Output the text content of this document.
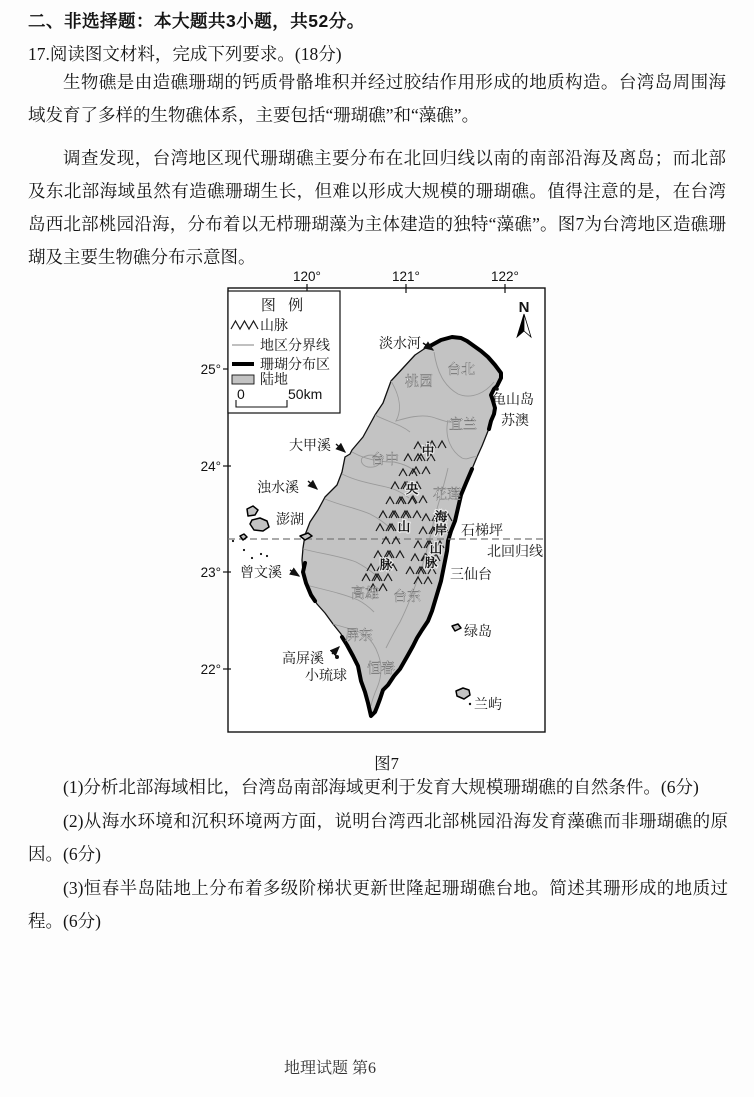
二、非选择题：本大题共3小题，共52分。
17.阅读图文材料，完成下列要求。(18分)

生物礁是由造礁珊瑚的钙质骨骼堆积并经过胶结作用形成的地质构造。台湾岛周围海域发育了多样的生物礁体系，主要包括“珊瑚礁”和“藻礁”。

调查发现，台湾地区现代珊瑚礁主要分布在北回归线以南的南部沿海及离岛；而北部及东北部海域虽然有造礁珊瑚生长，但难以形成大规模的珊瑚礁。值得注意的是，在台湾岛西北部桃园沿海，分布着以无栉珊瑚藻为主体建造的独特“藻礁”。图7为台湾地区造礁珊瑚及主要生物礁分布示意图。

120°	121°	122°
25°
24°
23°
22°
淡水河
龟山岛
苏澳
大甲溪
浊水溪
澎湖
石梯坪
北回归线
曾文溪	三仙台
绿岛
高屏溪
小琉球
兰屿
台北
桃园
宜兰
台中
花莲
高雄 台东
屏东
恒春
中
央
山
脉
海
岸
山
脉
N
图 例
山脉
地区分界线
珊瑚分布区
陆地
0	50km
图7

(1)分析北部海域相比，台湾岛南部海域更利于发育大规模珊瑚礁的自然条件。(6分)

(2)从海水环境和沉积环境两方面，说明台湾西北部桃园沿海发育藻礁而非珊瑚礁的原因。(6分)

(3)恒春半岛陆地上分布着多级阶梯状更新世隆起珊瑚礁台地。简述其珊形成的地质过程。(6分)

地理试题 第6
